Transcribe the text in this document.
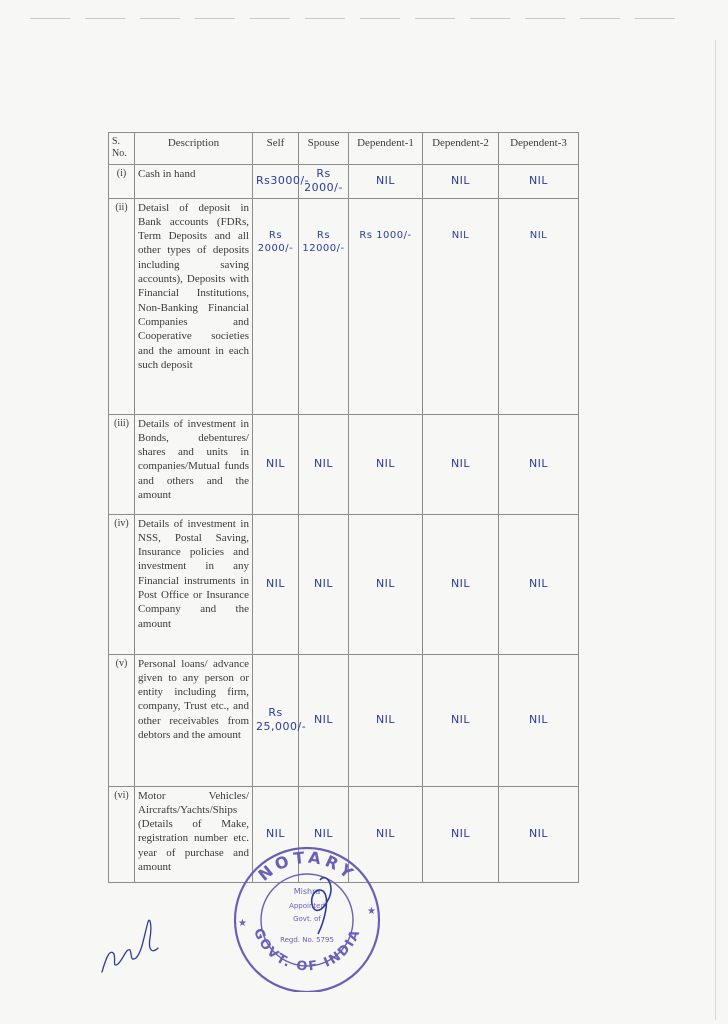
S. No.	Description	Self	Spouse	Dependent-1	Dependent-2	Dependent-3
(i)	Cash in hand	Rs3000/-	Rs 2000/-	NIL	NIL	NIL
(ii)	Detaisl of deposit in Bank accounts (FDRs, Term Deposits and all other types of deposits including saving accounts), Deposits with Financial Institutions, Non-Banking Financial Companies and Cooperative societies and the amount in each such deposit	Rs 2000/-	Rs 12000/-	Rs 1000/-	NIL	NIL
(iii)	Details of investment in Bonds, debentures/ shares and units in companies/Mutual funds and others and the amount	NIL	NIL	NIL	NIL	NIL
(iv)	Details of investment in NSS, Postal Saving, Insurance policies and investment in any Financial instruments in Post Office or Insurance Company and the amount	NIL	NIL	NIL	NIL	NIL
(v)	Personal loans/ advance given to any person or entity including firm, company, Trust etc., and other receivables from debtors and the amount	Rs 25,000/-	NIL	NIL	NIL	NIL
(vi)	Motor Vehicles/ Aircrafts/Yachts/Ships (Details of Make, registration number etc. year of purchase and amount	NIL	NIL	NIL	NIL	NIL
NOTARY
GOVT. OF INDIA
Mishra
Appointed
Govt. of
Regd. No. 5795
★
★
